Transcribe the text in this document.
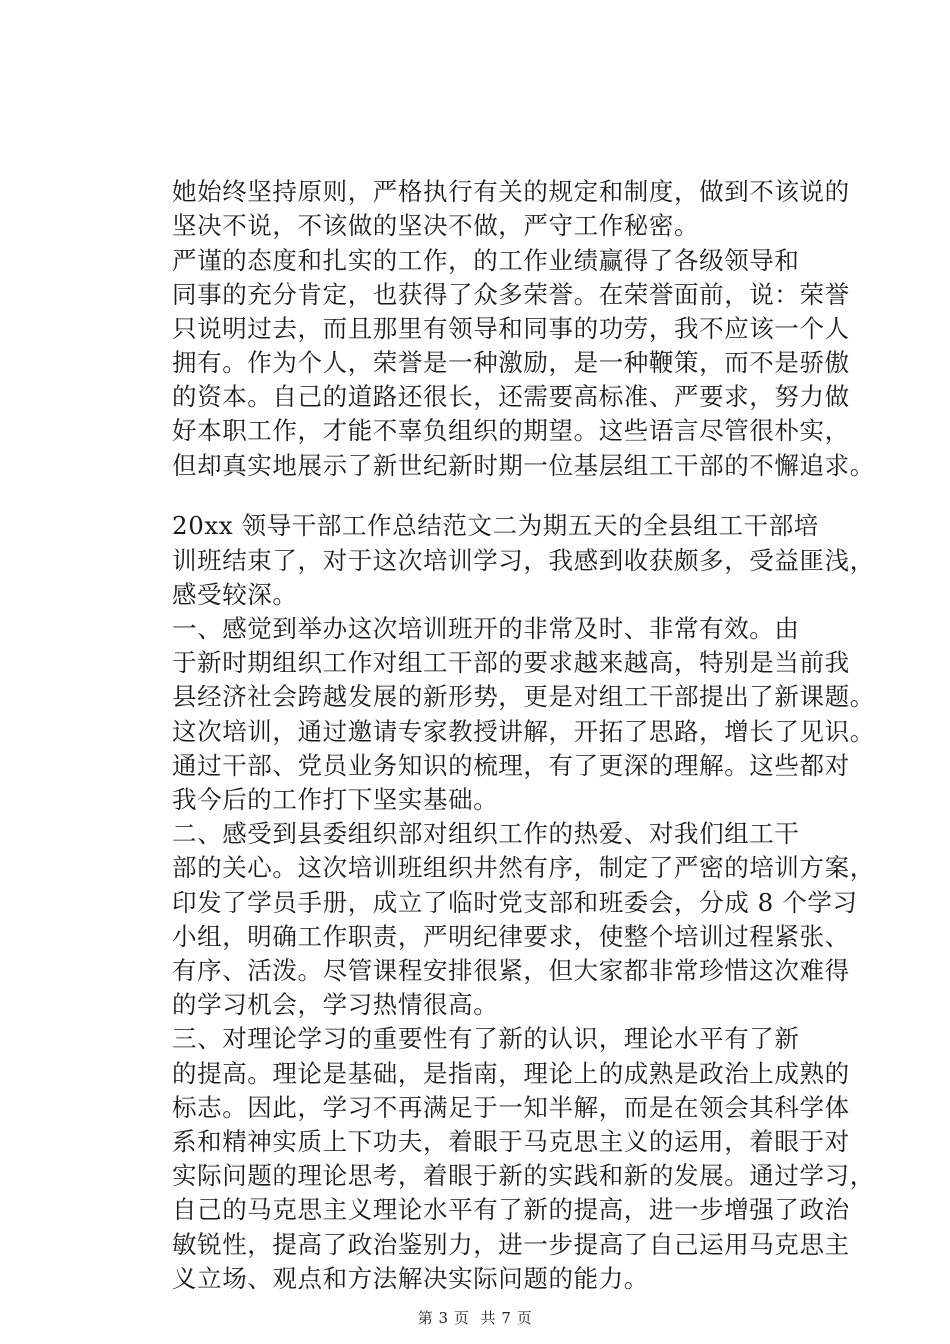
她始终坚持原则，严格执行有关的规定和制度，做到不该说的
坚决不说，不该做的坚决不做，严守工作秘密。
严谨的态度和扎实的工作，的工作业绩赢得了各级领导和
同事的充分肯定，也获得了众多荣誉。在荣誉面前，说：荣誉
只说明过去，而且那里有领导和同事的功劳，我不应该一个人
拥有。作为个人，荣誉是一种激励，是一种鞭策，而不是骄傲
的资本。自己的道路还很长，还需要高标准、严要求，努力做
好本职工作，才能不辜负组织的期望。这些语言尽管很朴实，
但却真实地展示了新世纪新时期一位基层组工干部的不懈追求。
20xx 领导干部工作总结范文二为期五天的全县组工干部培
训班结束了，对于这次培训学习，我感到收获颇多，受益匪浅，
感受较深。
一、感觉到举办这次培训班开的非常及时、非常有效。由
于新时期组织工作对组工干部的要求越来越高，特别是当前我
县经济社会跨越发展的新形势，更是对组工干部提出了新课题。
这次培训，通过邀请专家教授讲解，开拓了思路，增长了见识。
通过干部、党员业务知识的梳理，有了更深的理解。这些都对
我今后的工作打下坚实基础。
二、感受到县委组织部对组织工作的热爱、对我们组工干
部的关心。这次培训班组织井然有序，制定了严密的培训方案，
印发了学员手册，成立了临时党支部和班委会，分成 8 个学习
小组，明确工作职责，严明纪律要求，使整个培训过程紧张、
有序、活泼。尽管课程安排很紧，但大家都非常珍惜这次难得
的学习机会，学习热情很高。
三、对理论学习的重要性有了新的认识，理论水平有了新
的提高。理论是基础，是指南，理论上的成熟是政治上成熟的
标志。因此，学习不再满足于一知半解，而是在领会其科学体
系和精神实质上下功夫，着眼于马克思主义的运用，着眼于对
实际问题的理论思考，着眼于新的实践和新的发展。通过学习，
自己的马克思主义理论水平有了新的提高，进一步增强了政治
敏锐性，提高了政治鉴别力，进一步提高了自己运用马克思主
义立场、观点和方法解决实际问题的能力。
第 3 页 共 7 页
